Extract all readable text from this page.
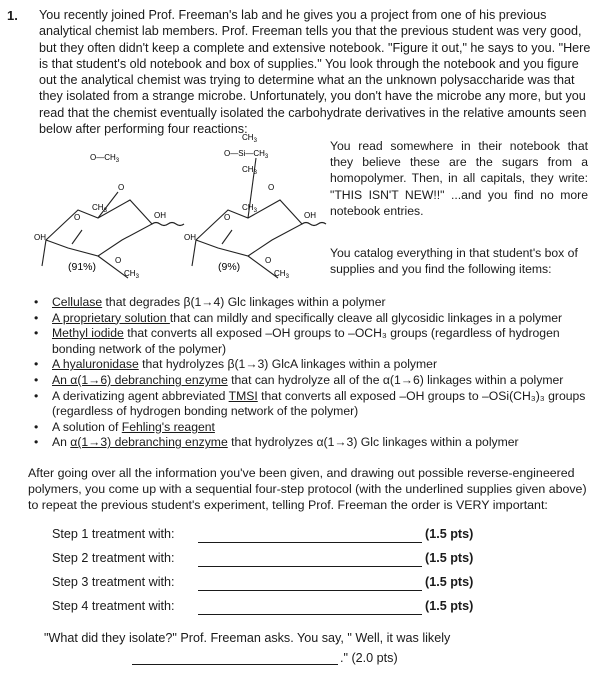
1. You recently joined Prof. Freeman's lab and he gives you a project from one of his previous analytical chemist lab members. Prof. Freeman tells you that the previous student was very good, but they often didn't keep a complete and extensive notebook. "Figure it out," he says to you. "Here is that student's old notebook and box of supplies." You look through the notebook and you figure out the analytical chemist was trying to determine what an the unknown polysaccharide was that they isolated from a strange microbe. Unfortunately, you don't have the microbe any more, but you read that the chemist eventually isolated the carbohydrate derivatives in the relative amounts seen below after performing four reactions:
$O—CH_3$
O
$CH_3$
O	OH
OH
$CH_3$
O
(91%)
$CH_3$
$O—Si—CH_3$
$CH_3$
O
$CH_3$
O	OH
OH
$CH_3$
O
(9%)
You read somewhere in their notebook that they believe these are the sugars from a homopolymer. Then, in all capitals, they write: "THIS ISN'T NEW!!" ...and you find no more notebook entries.
You catalog everything in that student's box of supplies and you find the following items:
• Cellulase that degrades β(1→4) Glc linkages within a polymer
• A proprietary solution that can mildly and specifically cleave all glycosidic linkages in a polymer
• Methyl iodide that converts all exposed –OH groups to –OCH₃ groups (regardless of hydrogen bonding network of the polymer)
• A hyaluronidase that hydrolyzes β(1→3) GlcA linkages within a polymer
• An α(1→6) debranching enzyme that can hydrolyze all of the α(1→6) linkages within a polymer
• A derivatizing agent abbreviated TMSI that converts all exposed –OH groups to –OSi(CH₃)₃ groups (regardless of hydrogen bonding network of the polymer)
• A solution of Fehling's reagent
• An α(1→3) debranching enzyme that hydrolyzes α(1→3) Glc linkages within a polymer
After going over all the information you've been given, and drawing out possible reverse-engineered polymers, you come up with a sequential four-step protocol (with the underlined supplies given above) to repeat the previous student's experiment, telling Prof. Freeman the order is VERY important:
Step 1 treatment with:	(1.5 pts)
Step 2 treatment with:	(1.5 pts)
Step 3 treatment with:	(1.5 pts)
Step 4 treatment with:	(1.5 pts)
"What did they isolate?" Prof. Freeman asks. You say, " Well, it was likely
." (2.0 pts)
